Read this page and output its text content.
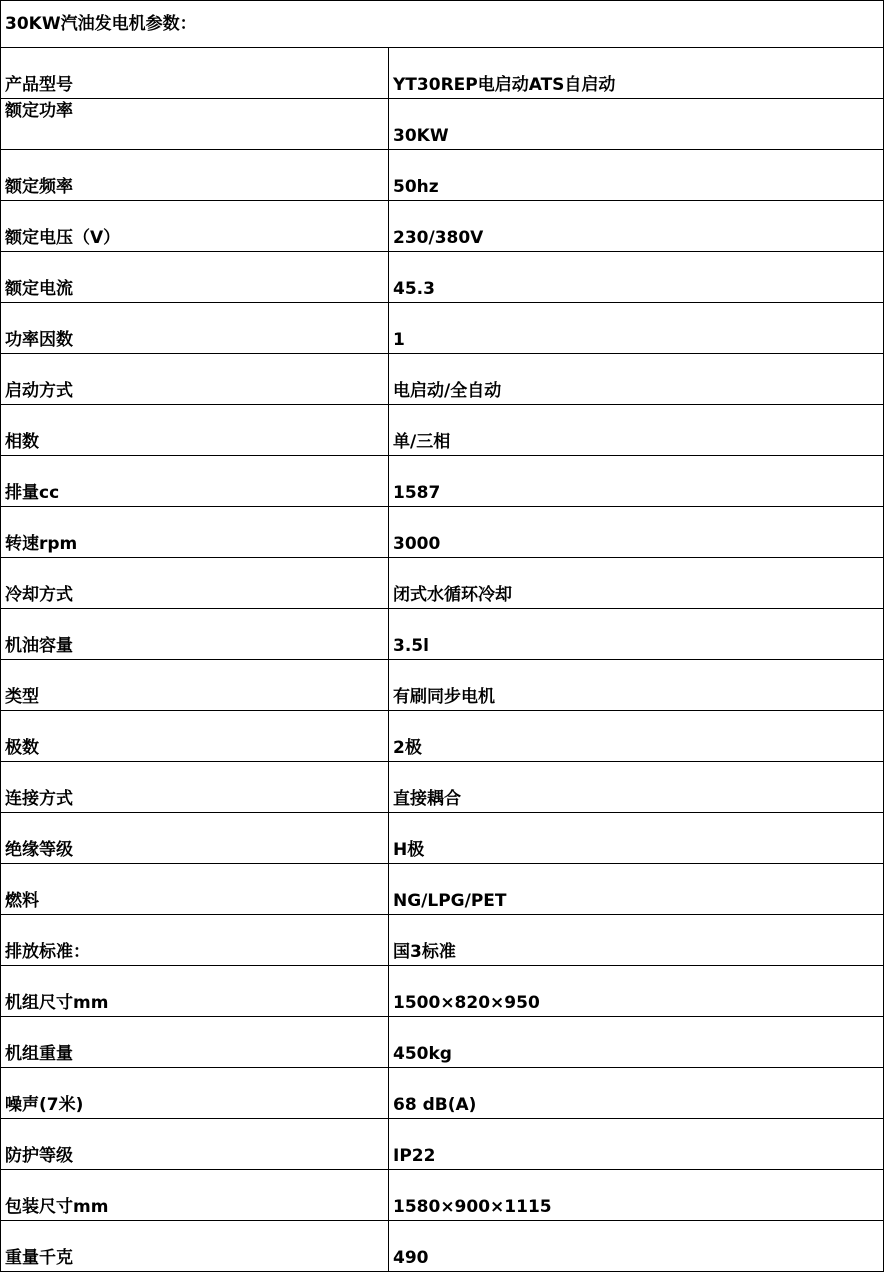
30KW汽油发电机参数：	
产品型号	YT30REP电启动ATS自启动
额定功率	30KW
额定频率	50hz
额定电压（V）	230/380V
额定电流	45.3
功率因数	1
启动方式	电启动/全自动
相数	单/三相
排量cc	1587
转速rpm	3000
冷却方式	闭式水循环冷却
机油容量	3.5l
类型	有刷同步电机
极数	2极
连接方式	直接耦合
绝缘等级	H极
燃料	NG/LPG/PET
排放标准：	国3标准
机组尺寸mm	1500×820×950
机组重量	450kg
噪声(7米)	68 dB(A)
防护等级	IP22
包装尺寸mm	1580×900×1115
重量千克	490
